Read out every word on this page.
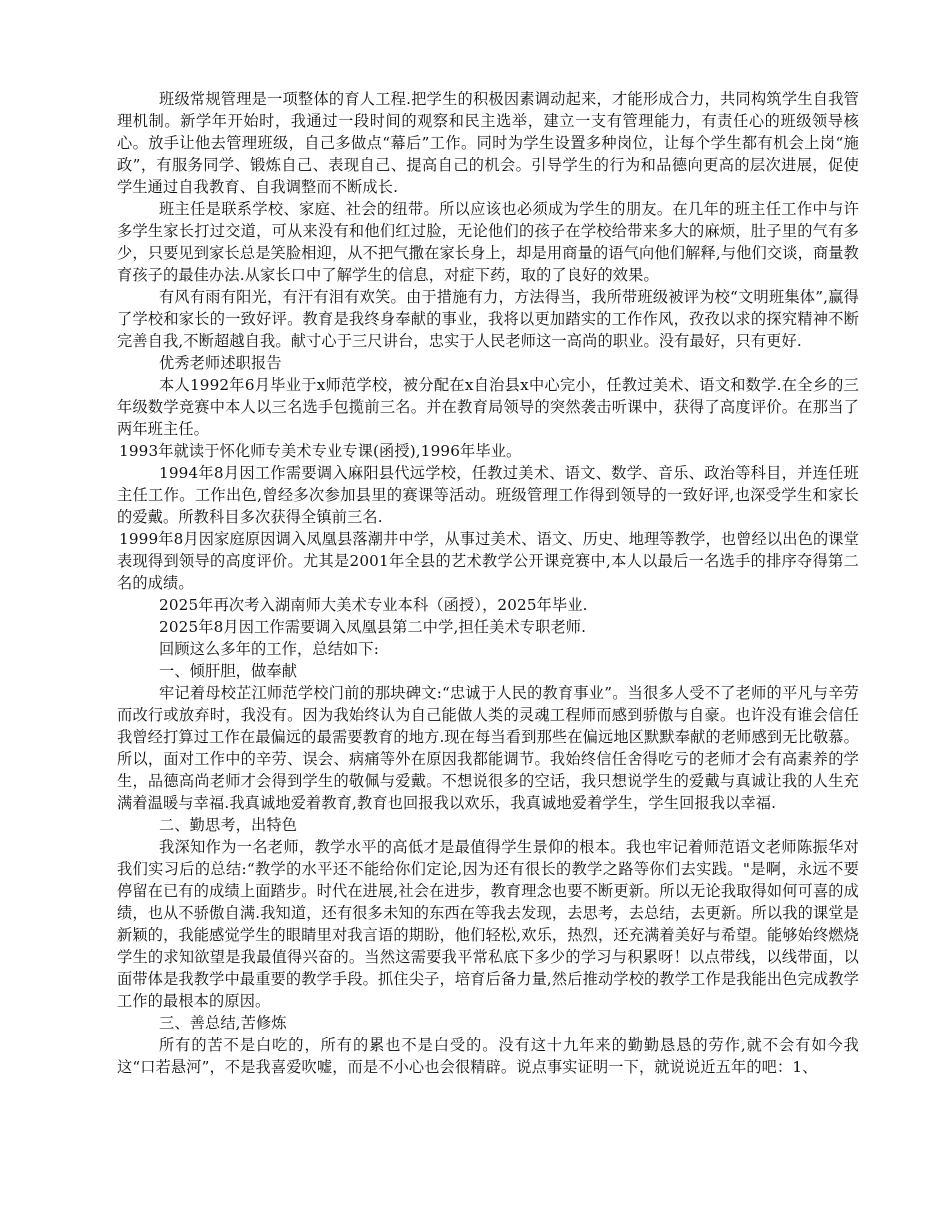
班级常规管理是一项整体的育人工程.把学生的积极因素调动起来，才能形成合力，共同构筑学生自我管理机制。新学年开始时，我通过一段时间的观察和民主选举，建立一支有管理能力，有责任心的班级领导核心。放手让他去管理班级，自己多做点“幕后”工作。同时为学生设置多种岗位，让每个学生都有机会上岗“施政”，有服务同学、锻炼自己、表现自己、提高自己的机会。引导学生的行为和品德向更高的层次进展，促使学生通过自我教育、自我调整而不断成长.

班主任是联系学校、家庭、社会的纽带。所以应该也必须成为学生的朋友。在几年的班主任工作中与许多学生家长打过交道，可从来没有和他们红过脸，无论他们的孩子在学校给带来多大的麻烦，肚子里的气有多少，只要见到家长总是笑脸相迎，从不把气撒在家长身上，却是用商量的语气向他们解释,与他们交谈，商量教育孩子的最佳办法.从家长口中了解学生的信息，对症下药，取的了良好的效果。

有风有雨有阳光，有汗有泪有欢笑。由于措施有力，方法得当，我所带班级被评为校“文明班集体”,赢得了学校和家长的一致好评。教育是我终身奉献的事业，我将以更加踏实的工作作风，孜孜以求的探究精神不断完善自我,不断超越自我。献寸心于三尺讲台，忠实于人民老师这一高尚的职业。没有最好，只有更好.

优秀老师述职报告

本人1992年6月毕业于x师范学校，被分配在x自治县x中心完小，任教过美术、语文和数学.在全乡的三年级数学竞赛中本人以三名选手包揽前三名。并在教育局领导的突然袭击听课中，获得了高度评价。在那当了两年班主任。

1993年就读于怀化师专美术专业专课(函授),1996年毕业。

1994年8月因工作需要调入麻阳县代远学校，任教过美术、语文、数学、音乐、政治等科目，并连任班主任工作。工作出色,曾经多次参加县里的赛课等活动。班级管理工作得到领导的一致好评,也深受学生和家长的爱戴。所教科目多次获得全镇前三名.

1999年8月因家庭原因调入凤凰县落潮井中学，从事过美术、语文、历史、地理等教学，也曾经以出色的课堂表现得到领导的高度评价。尤其是2001年全县的艺术教学公开课竞赛中,本人以最后一名选手的排序夺得第二名的成绩。

2025年再次考入湖南师大美术专业本科（函授），2025年毕业.

2025年8月因工作需要调入凤凰县第二中学,担任美术专职老师.

回顾这么多年的工作，总结如下:

一、倾肝胆，做奉献

牢记着母校芷江师范学校门前的那块碑文:“忠诚于人民的教育事业”。当很多人受不了老师的平凡与辛劳而改行或放弃时，我没有。因为我始终认为自己能做人类的灵魂工程师而感到骄傲与自豪。也许没有谁会信任我曾经打算过工作在最偏远的最需要教育的地方.现在每当看到那些在偏远地区默默奉献的老师感到无比敬慕。所以，面对工作中的辛劳、误会、病痛等外在原因我都能调节。我始终信任舍得吃亏的老师才会有高素养的学生，品德高尚老师才会得到学生的敬佩与爱戴。不想说很多的空话，我只想说学生的爱戴与真诚让我的人生充满着温暖与幸福.我真诚地爱着教育,教育也回报我以欢乐，我真诚地爱着学生，学生回报我以幸福.

二、勤思考，出特色

我深知作为一名老师，教学水平的高低才是最值得学生景仰的根本。我也牢记着师范语文老师陈振华对我们实习后的总结:“教学的水平还不能给你们定论,因为还有很长的教学之路等你们去实践。"是啊，永远不要停留在已有的成绩上面踏步。时代在进展,社会在进步，教育理念也要不断更新。所以无论我取得如何可喜的成绩，也从不骄傲自满.我知道，还有很多未知的东西在等我去发现，去思考，去总结，去更新。所以我的课堂是新颖的，我能感觉学生的眼睛里对我言语的期盼，他们轻松,欢乐，热烈，还充满着美好与希望。能够始终燃烧学生的求知欲望是我最值得兴奋的。当然这需要我平常私底下多少的学习与积累呀！以点带线，以线带面，以面带体是我教学中最重要的教学手段。抓住尖子，培育后备力量,然后推动学校的教学工作是我能出色完成教学工作的最根本的原因。

三、善总结,苦修炼

所有的苦不是白吃的，所有的累也不是白受的。没有这十九年来的勤勤恳恳的劳作,就不会有如今我这“口若悬河”，不是我喜爱吹嘘，而是不小心也会很精辟。说点事实证明一下，就说说近五年的吧：1、
